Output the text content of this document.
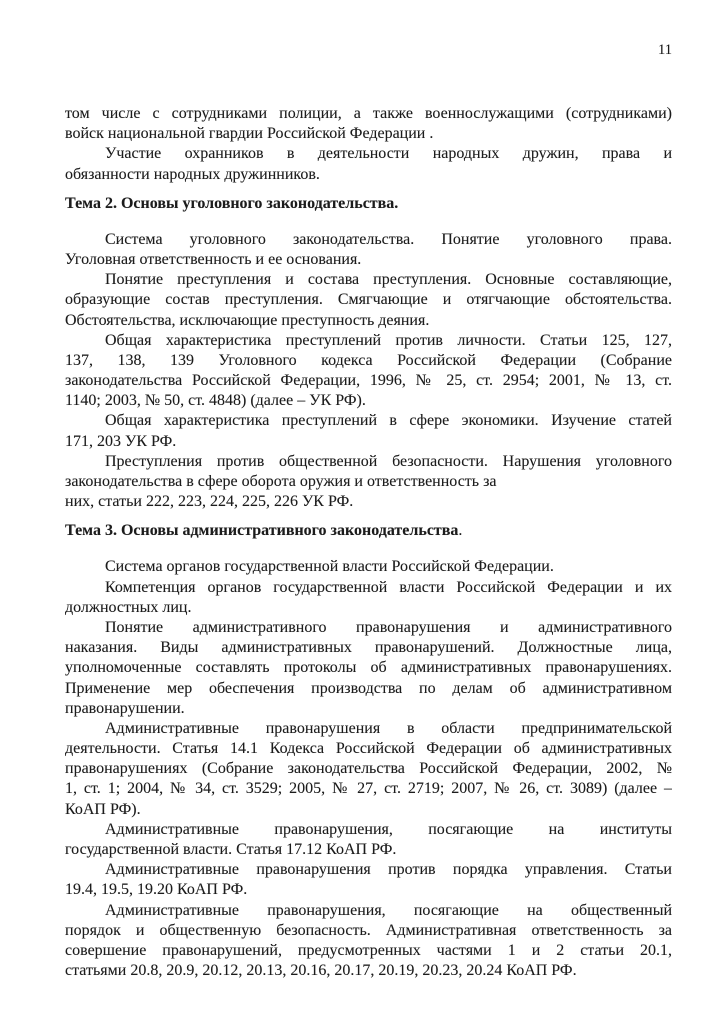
11
том числе с сотрудниками полиции, а также военнослужащими (сотрудниками)
войск национальной гвардии Российской Федерации .
Участие охранников в деятельности народных дружин, права и
обязанности народных дружинников.
Тема 2. Основы уголовного законодательства.
Система уголовного законодательства. Понятие уголовного права.
Уголовная ответственность и ее основания.
Понятие преступления и состава преступления. Основные составляющие,
образующие состав преступления. Смягчающие и отягчающие обстоятельства.
Обстоятельства, исключающие преступность деяния.
Общая характеристика преступлений против личности. Статьи 125, 127,
137, 138, 139 Уголовного кодекса Российской Федерации (Собрание
законодательства Российской Федерации, 1996, № 25, ст. 2954; 2001, № 13, ст.
1140; 2003, № 50, ст. 4848) (далее – УК РФ).
Общая характеристика преступлений в сфере экономики. Изучение статей
171, 203 УК РФ.
Преступления против общественной безопасности. Нарушения уголовного
законодательства в сфере оборота оружия и ответственность за
них, статьи 222, 223, 224, 225, 226 УК РФ.
Тема 3. Основы административного законодательства.
Система органов государственной власти Российской Федерации.
Компетенция органов государственной власти Российской Федерации и их
должностных лиц.
Понятие административного правонарушения и административного
наказания. Виды административных правонарушений. Должностные лица,
уполномоченные составлять протоколы об административных правонарушениях.
Применение мер обеспечения производства по делам об административном
правонарушении.
Административные правонарушения в области предпринимательской
деятельности. Статья 14.1 Кодекса Российской Федерации об административных
правонарушениях (Собрание законодательства Российской Федерации, 2002, №
1, ст. 1; 2004, № 34, ст. 3529; 2005, № 27, ст. 2719; 2007, № 26, ст. 3089) (далее –
КоАП РФ).
Административные правонарушения, посягающие на институты
государственной власти. Статья 17.12 КоАП РФ.
Административные правонарушения против порядка управления. Статьи
19.4, 19.5, 19.20 КоАП РФ.
Административные правонарушения, посягающие на общественный
порядок и общественную безопасность. Административная ответственность за
совершение правонарушений, предусмотренных частями 1 и 2 статьи 20.1,
статьями 20.8, 20.9, 20.12, 20.13, 20.16, 20.17, 20.19, 20.23, 20.24 КоАП РФ.
